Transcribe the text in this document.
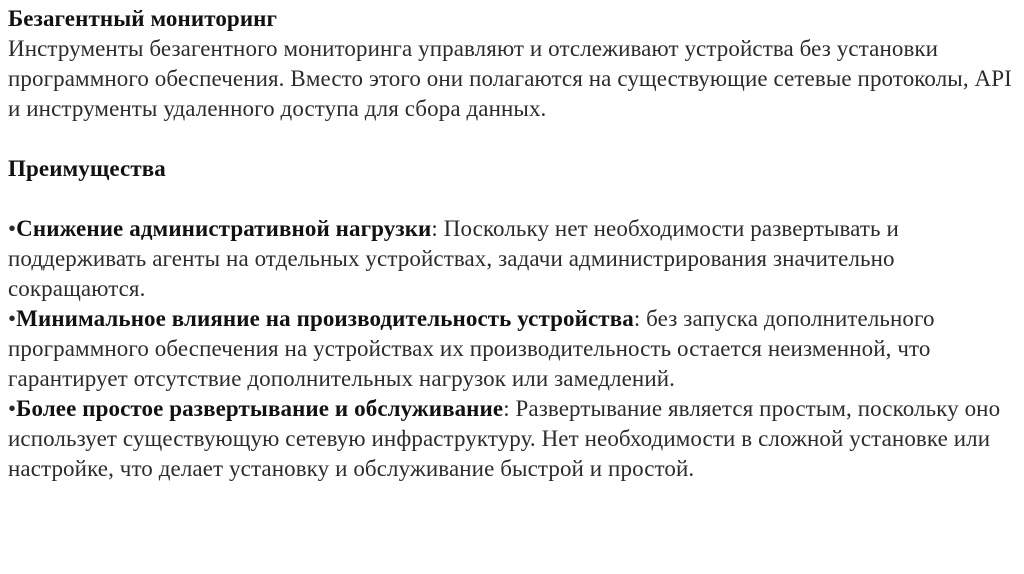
Безагентный мониторинг

Инструменты безагентного мониторинга управляют и отслеживают устройства без установки программного обеспечения. Вместо этого они полагаются на существующие сетевые протоколы, API и инструменты удаленного доступа для сбора данных.

Преимущества

•Снижение административной нагрузки: Поскольку нет необходимости развертывать и поддерживать агенты на отдельных устройствах, задачи администрирования значительно сокращаются.

•Минимальное влияние на производительность устройства: без запуска дополнительного программного обеспечения на устройствах их производительность остается неизменной, что гарантирует отсутствие дополнительных нагрузок или замедлений.

•Более простое развертывание и обслуживание: Развертывание является простым, поскольку оно использует существующую сетевую инфраструктуру. Нет необходимости в сложной установке или настройке, что делает установку и обслуживание быстрой и простой.
